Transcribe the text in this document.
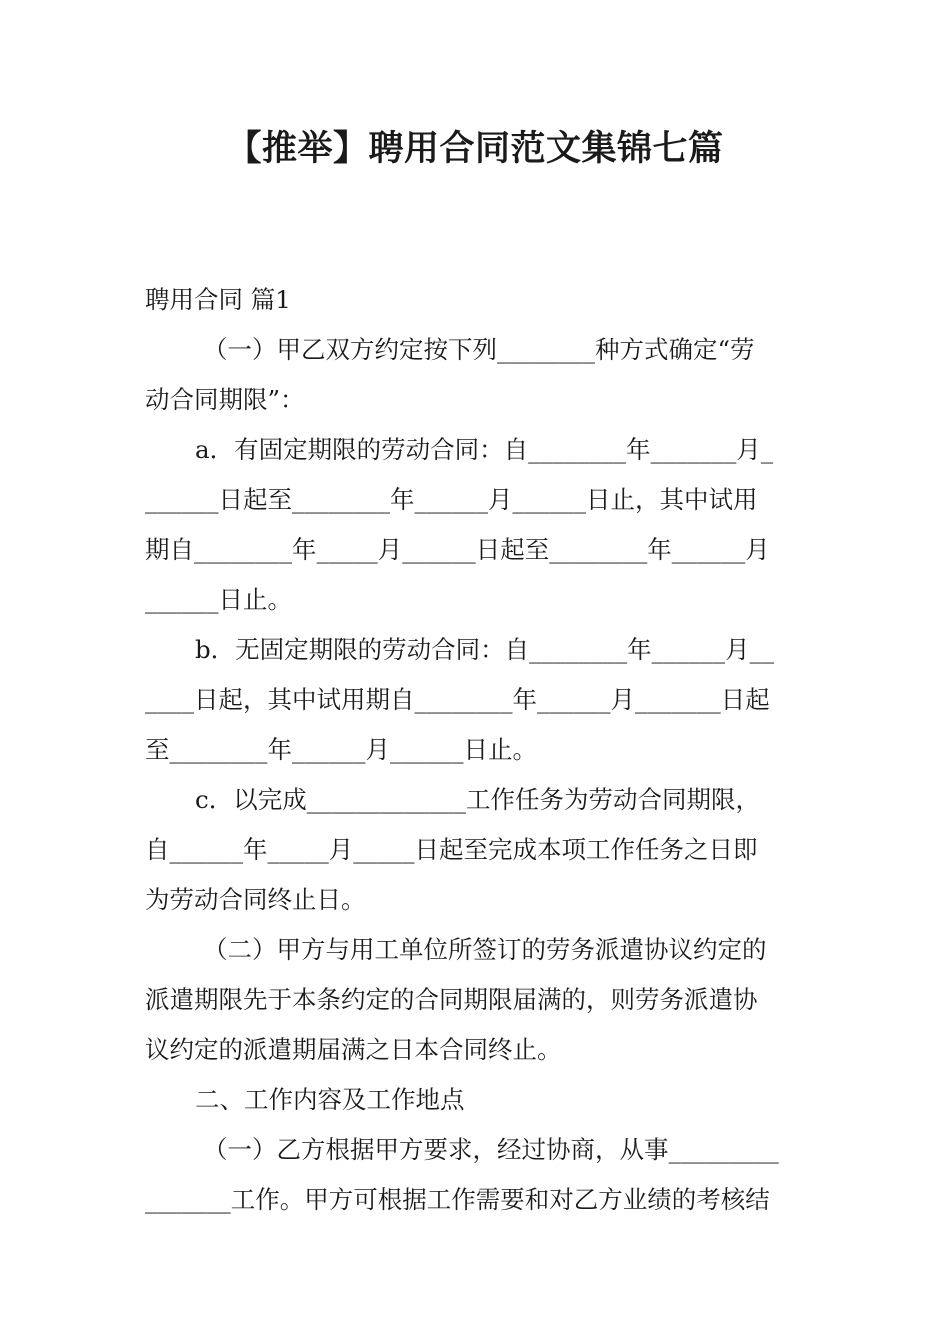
【推举】聘用合同范文集锦七篇
聘用合同 篇1
（一）甲乙双方约定按下列________种方式确定“劳
动合同期限”：
a．有固定期限的劳动合同：自________年_______月_
______日起至________年______月______日止，其中试用
期自________年_____月______日起至________年______月
______日止。
b．无固定期限的劳动合同：自________年______月__
____日起，其中试用期自________年______月_______日起
至________年______月______日止。
c．以完成_____________工作任务为劳动合同期限，
自______年_____月_____日起至完成本项工作任务之日即
为劳动合同终止日。
（二）甲方与用工单位所签订的劳务派遣协议约定的
派遣期限先于本条约定的合同期限届满的，则劳务派遣协
议约定的派遣期届满之日本合同终止。
二、工作内容及工作地点
（一）乙方根据甲方要求，经过协商，从事_________
_______工作。甲方可根据工作需要和对乙方业绩的考核结
